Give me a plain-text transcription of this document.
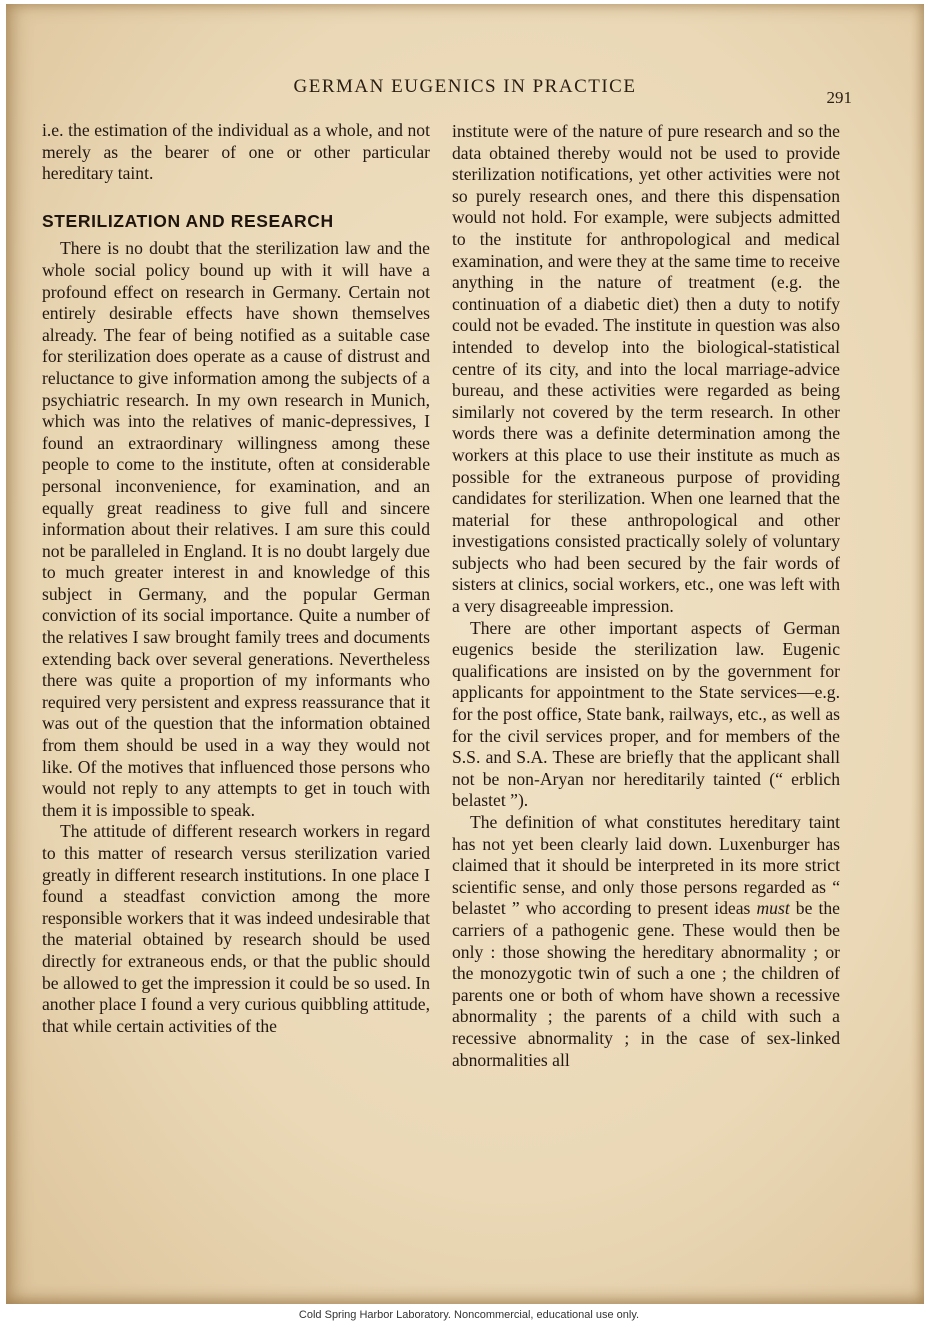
GERMAN EUGENICS IN PRACTICE
291

i.e. the estimation of the individual as a whole, and not merely as the bearer of one or other particular hereditary taint.

STERILIZATION AND RESEARCH

There is no doubt that the sterilization law and the whole social policy bound up with it will have a profound effect on research in Germany. Certain not entirely desirable effects have shown themselves already. The fear of being notified as a suitable case for sterilization does operate as a cause of distrust and reluctance to give information among the subjects of a psychiatric research. In my own research in Munich, which was into the relatives of manic-depressives, I found an extraordinary willingness among these people to come to the institute, often at considerable personal inconvenience, for examination, and an equally great readiness to give full and sincere information about their relatives. I am sure this could not be paralleled in England. It is no doubt largely due to much greater interest in and knowledge of this subject in Germany, and the popular German conviction of its social importance. Quite a number of the relatives I saw brought family trees and documents extending back over several generations. Nevertheless there was quite a proportion of my informants who required very persistent and express reassurance that it was out of the question that the information obtained from them should be used in a way they would not like. Of the motives that influenced those persons who would not reply to any attempts to get in touch with them it is impossible to speak.

The attitude of different research workers in regard to this matter of research versus sterilization varied greatly in different research institutions. In one place I found a steadfast conviction among the more responsible workers that it was indeed undesirable that the material obtained by research should be used directly for extraneous ends, or that the public should be allowed to get the impression it could be so used. In another place I found a very curious quibbling attitude, that while certain activities of the

institute were of the nature of pure research and so the data obtained thereby would not be used to provide sterilization notifications, yet other activities were not so purely research ones, and there this dispensation would not hold. For example, were subjects admitted to the institute for anthropological and medical examination, and were they at the same time to receive anything in the nature of treatment (e.g. the continuation of a diabetic diet) then a duty to notify could not be evaded. The institute in question was also intended to develop into the biological-statistical centre of its city, and into the local marriage-advice bureau, and these activities were regarded as being similarly not covered by the term research. In other words there was a definite determination among the workers at this place to use their institute as much as possible for the extraneous purpose of providing candidates for sterilization. When one learned that the material for these anthropological and other investigations consisted practically solely of voluntary subjects who had been secured by the fair words of sisters at clinics, social workers, etc., one was left with a very disagreeable impression.

There are other important aspects of German eugenics beside the sterilization law. Eugenic qualifications are insisted on by the government for applicants for appointment to the State services—e.g. for the post office, State bank, railways, etc., as well as for the civil services proper, and for members of the S.S. and S.A. These are briefly that the applicant shall not be non-Aryan nor hereditarily tainted (“ erblich belastet ”).

The definition of what constitutes hereditary taint has not yet been clearly laid down. Luxenburger has claimed that it should be interpreted in its more strict scientific sense, and only those persons regarded as “ belastet ” who according to present ideas must be the carriers of a pathogenic gene. These would then be only : those showing the hereditary abnormality ; or the monozygotic twin of such a one ; the children of parents one or both of whom have shown a recessive abnormality ; the parents of a child with such a recessive abnormality ; in the case of sex-linked abnormalities all

Cold Spring Harbor Laboratory. Noncommercial, educational use only.
